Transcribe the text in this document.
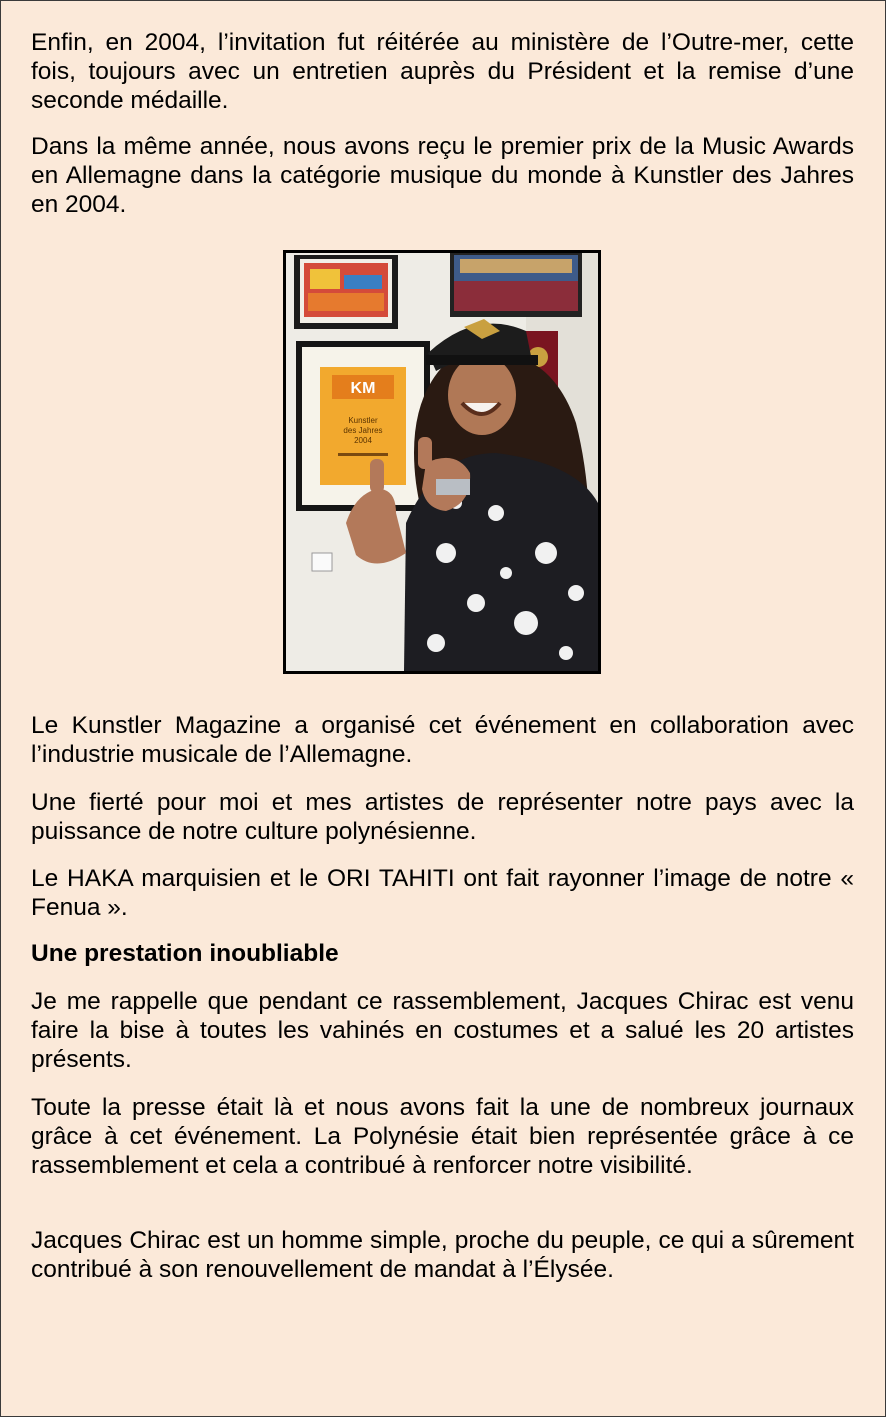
Enfin, en 2004, l’invitation fut réitérée au ministère de l’Outre-mer, cette fois, toujours avec un entretien auprès du Président et la remise d’une seconde médaille.

Dans la même année, nous avons reçu le premier prix de la Music Awards en Allemagne dans la catégorie musique du monde à Kunstler des Jahres en 2004.

KM
Kunstler
des Jahres
2004

Le Kunstler Magazine a organisé cet événement en collaboration avec l’industrie musicale de l’Allemagne.

Une fierté pour moi et mes artistes de représenter notre pays avec la puissance de notre culture polynésienne.

Le HAKA marquisien et le ORI TAHITI ont fait rayonner l’image de notre « Fenua ».

Une prestation inoubliable

Je me rappelle que pendant ce rassemblement, Jacques Chirac est venu faire la bise à toutes les vahinés en costumes et a salué les 20 artistes présents.

Toute la presse était là et nous avons fait la une de nombreux journaux grâce à cet événement. La Polynésie était bien représentée grâce à ce rassemblement et cela a contribué à renforcer notre visibilité.

Jacques Chirac est un homme simple, proche du peuple, ce qui a sûrement contribué à son renouvellement de mandat à l’Élysée.
